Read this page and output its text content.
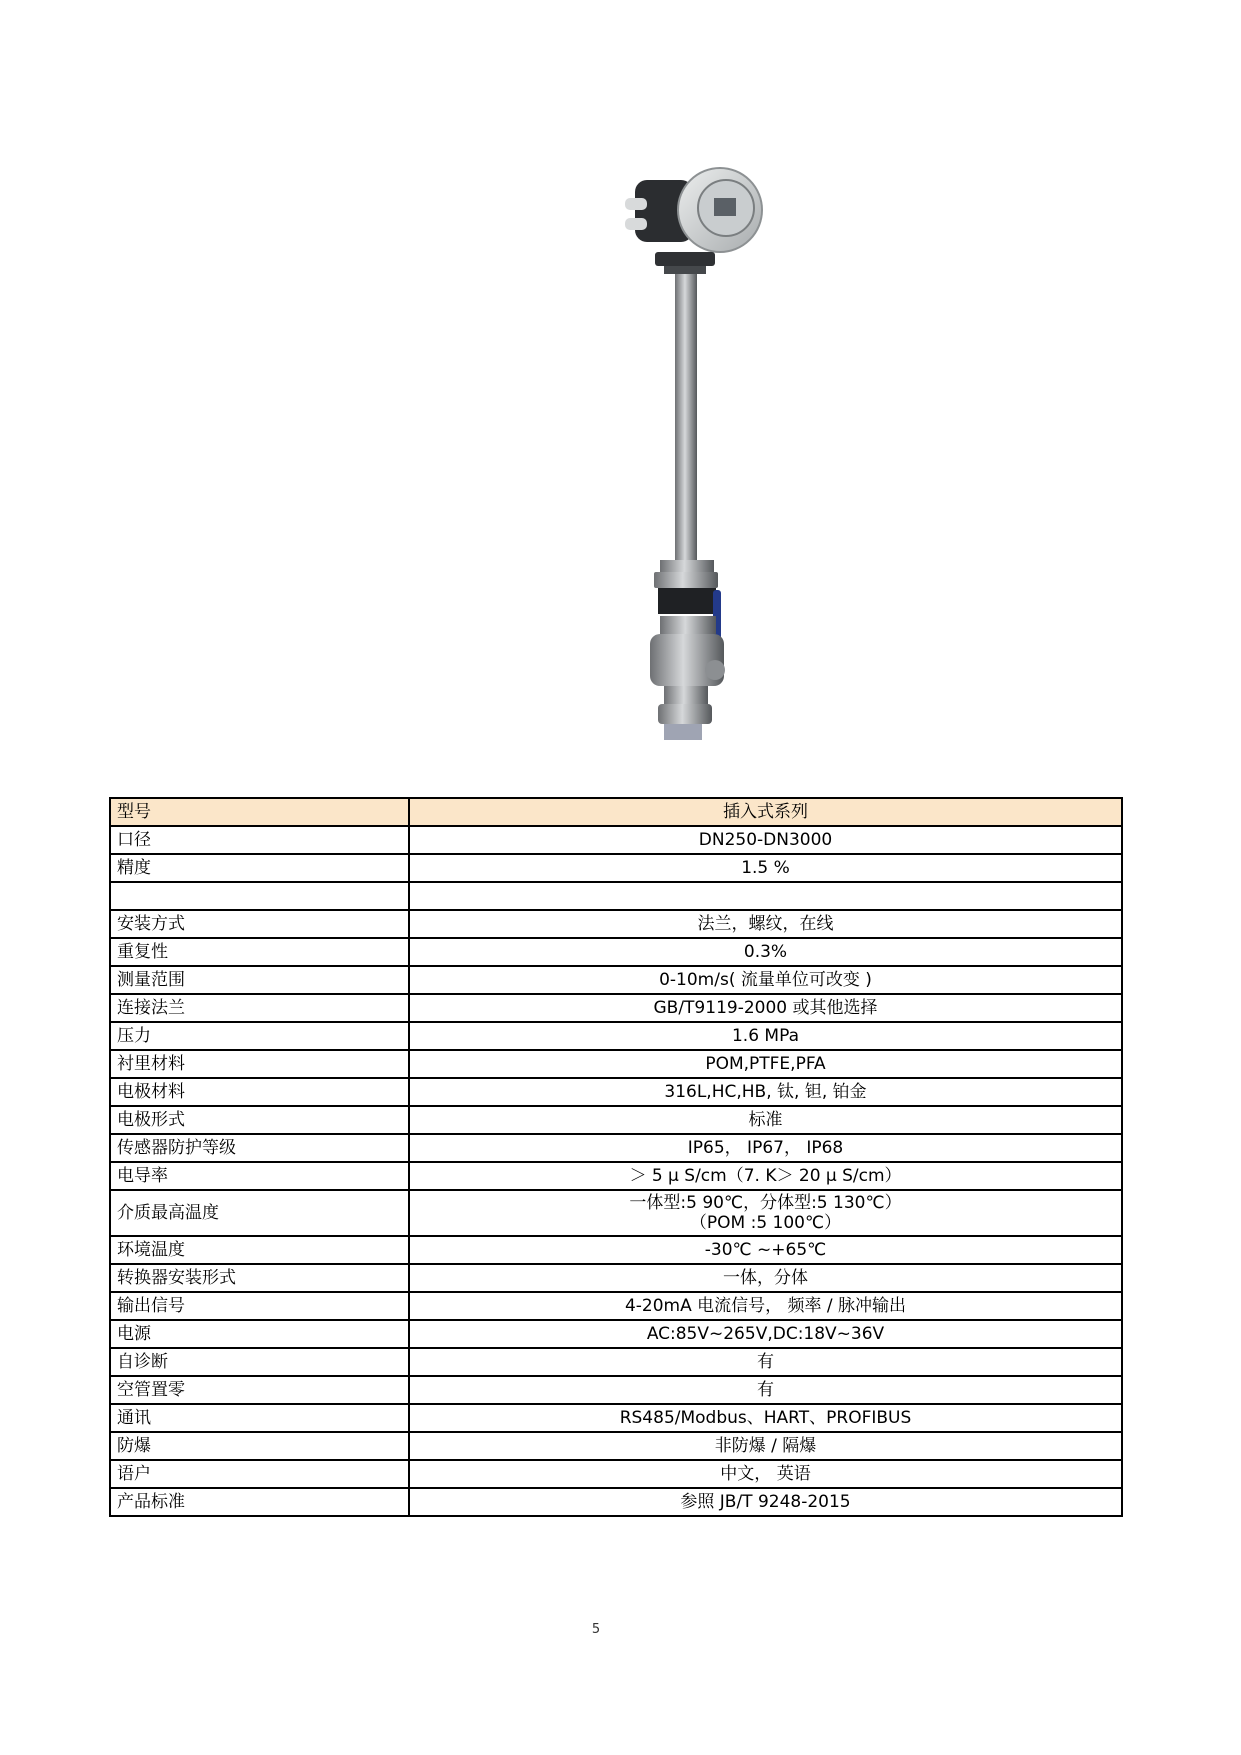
型号	插入式系列
口径	DN250-DN3000
精度	1.5 %

安装方式	法兰，螺纹，在线
重复性	0.3%
测量范围	0-10m/s( 流量单位可改变 )
连接法兰	GB/T9119-2000 或其他选择
压力	1.6 MPa
衬里材料	POM,PTFE,PFA
电极材料	316L,HC,HB, 钛, 钽, 铂金
电极形式	标准
传感器防护等级	IP65， IP67， IP68
电导率	＞ 5 μ S/cm（7. K＞ 20 μ S/cm）
介质最高温度	一体型:5 90℃，分体型:5 130℃）
（POM :5 100℃）

环境温度	-30℃ ~+65℃
转换器安装形式	一体，分体
输出信号	4-20mA 电流信号， 频率 / 脉冲输出
电源	AC:85V~265V,DC:18V~36V
自诊断	有
空管置零	有
通讯	RS485/Modbus、HART、PROFIBUS
防爆	非防爆 / 隔爆
语户	中文， 英语
产品标准	参照 JB/T 9248-2015
5
